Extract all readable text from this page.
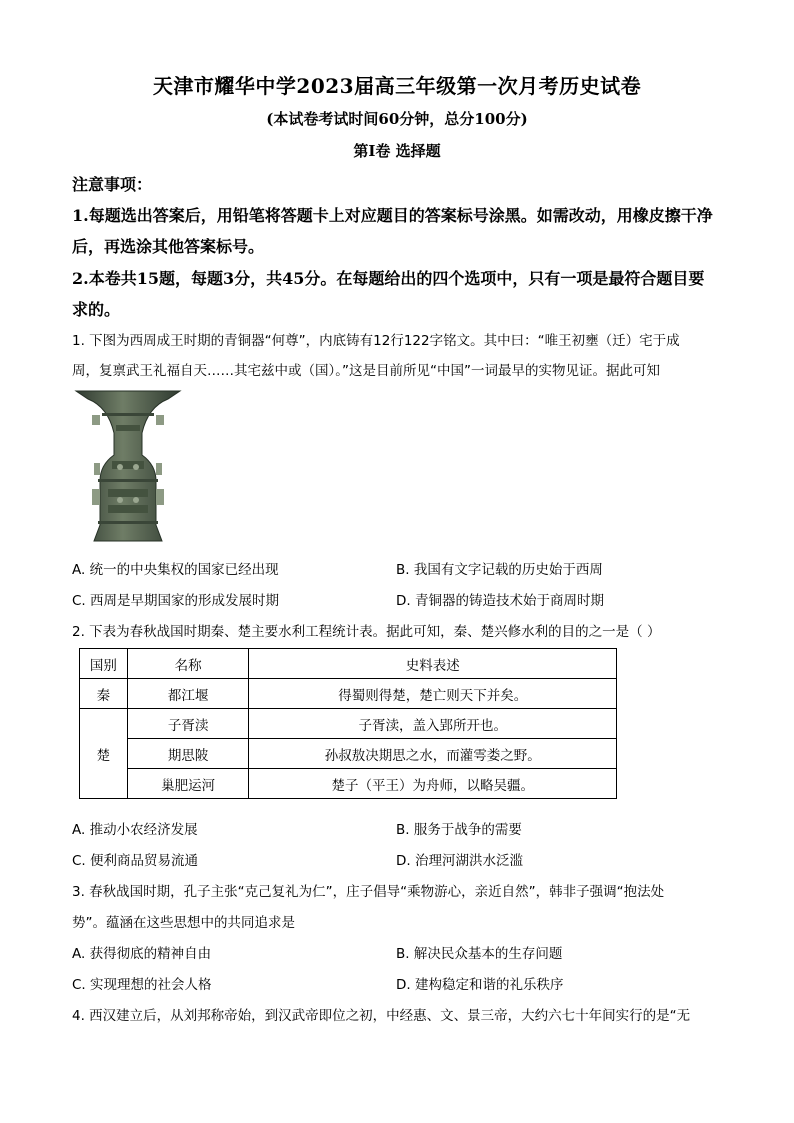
天津市耀华中学2023届高三年级第一次月考历史试卷
(本试卷考试时间60分钟，总分100分)
第I卷 选择题
注意事项：
1.每题选出答案后，用铅笔将答题卡上对应题目的答案标号涂黑。如需改动，用橡皮擦干净
后，再选涂其他答案标号。
2.本卷共15题，每题3分，共45分。在每题给出的四个选项中，只有一项是最符合题目要
求的。
1. 下图为西周成王时期的青铜器“何尊”，内底铸有12行122字铭文。其中曰：“唯王初壅（迁）宅于成
周，复禀武王礼福自天……其宅兹中或（国）。”这是目前所见“中国”一词最早的实物见证。据此可知
A. 统一的中央集权的国家已经出现	B. 我国有文字记载的历史始于西周
C. 西周是早期国家的形成发展时期	D. 青铜器的铸造技术始于商周时期
2. 下表为春秋战国时期秦、楚主要水利工程统计表。据此可知，秦、楚兴修水利的目的之一是（ ）
国别	名称	史料表述
秦	都江堰	得蜀则得楚，楚亡则天下并矣。
楚	子胥渎	子胥渎，盖入郢所开也。
	期思陂	孙叔敖决期思之水，而灌雩娄之野。
	巢肥运河	楚子（平王）为舟师，以略吴疆。
A. 推动小农经济发展	B. 服务于战争的需要
C. 便利商品贸易流通	D. 治理河湖洪水泛滥
3. 春秋战国时期，孔子主张“克己复礼为仁”，庄子倡导“乘物游心，亲近自然”，韩非子强调“抱法处
势”。蕴涵在这些思想中的共同追求是
A. 获得彻底的精神自由	B. 解决民众基本的生存问题
C. 实现理想的社会人格	D. 建构稳定和谐的礼乐秩序
4. 西汉建立后，从刘邦称帝始，到汉武帝即位之初，中经惠、文、景三帝，大约六七十年间实行的是“无
